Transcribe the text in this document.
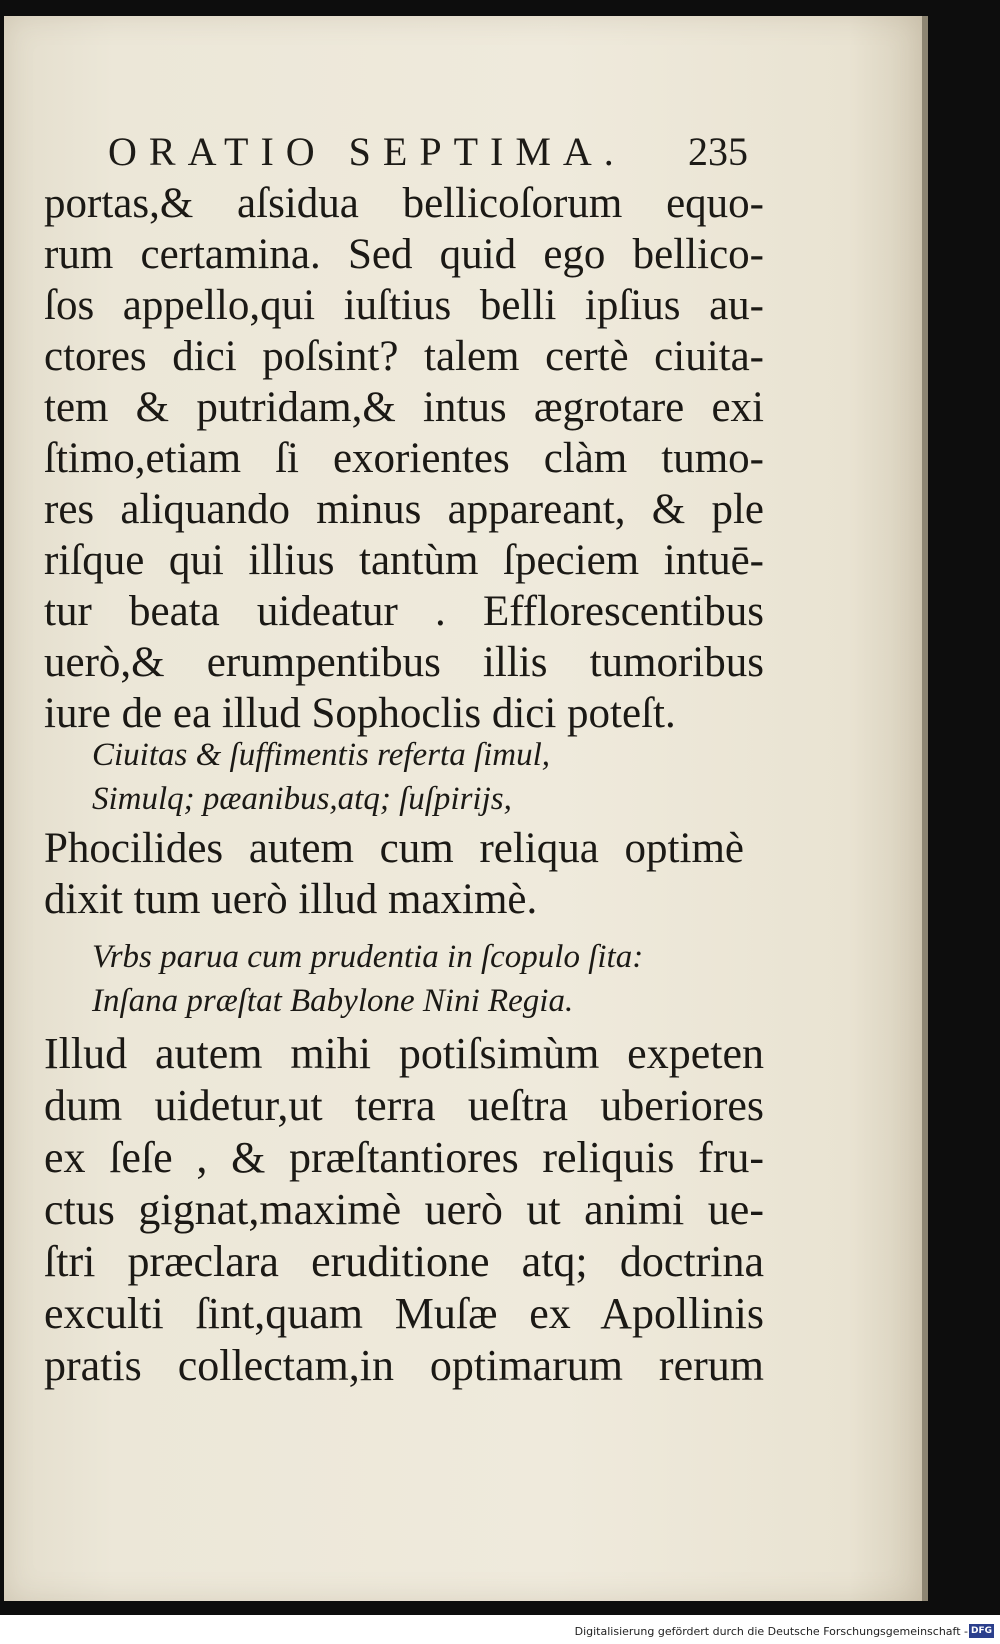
ORATIO SEPTIMA. 235
portas,& aſsidua bellicoſorum equo-
rum certamina. Sed quid ego bellico-
ſos appello,qui iuſtius belli ipſius au-
ctores dici poſsint? talem certè ciuita-
tem & putridam,& intus ægrotare exi
ſtimo,etiam ſi exorientes clàm tumo-
res aliquando minus appareant, & ple
riſque qui illius tantùm ſpeciem intuē-
tur beata uideatur . Efflorescentibus
uerò,& erumpentibus illis tumoribus
iure de ea illud Sophoclis dici poteſt.
Ciuitas & ſuffimentis referta ſimul,
Simulq; pæanibus,atq; ſuſpirijs,
Phocilides autem cum reliqua optimè
dixit tum uerò illud maximè.
Vrbs parua cum prudentia in ſcopulo ſita:
Inſana præſtat Babylone Nini Regia.
Illud autem mihi potiſsimùm expeten
dum uidetur,ut terra ueſtra uberiores
ex ſeſe , & præſtantiores reliquis fru-
ctus gignat,maximè uerò ut animi ue-
ſtri præclara eruditione atq; doctrina
exculti ſint,quam Muſæ ex Apollinis
pratis collectam,in optimarum rerum
Digitalisierung gefördert durch die Deutsche Forschungsgemeinschaft - DFG
